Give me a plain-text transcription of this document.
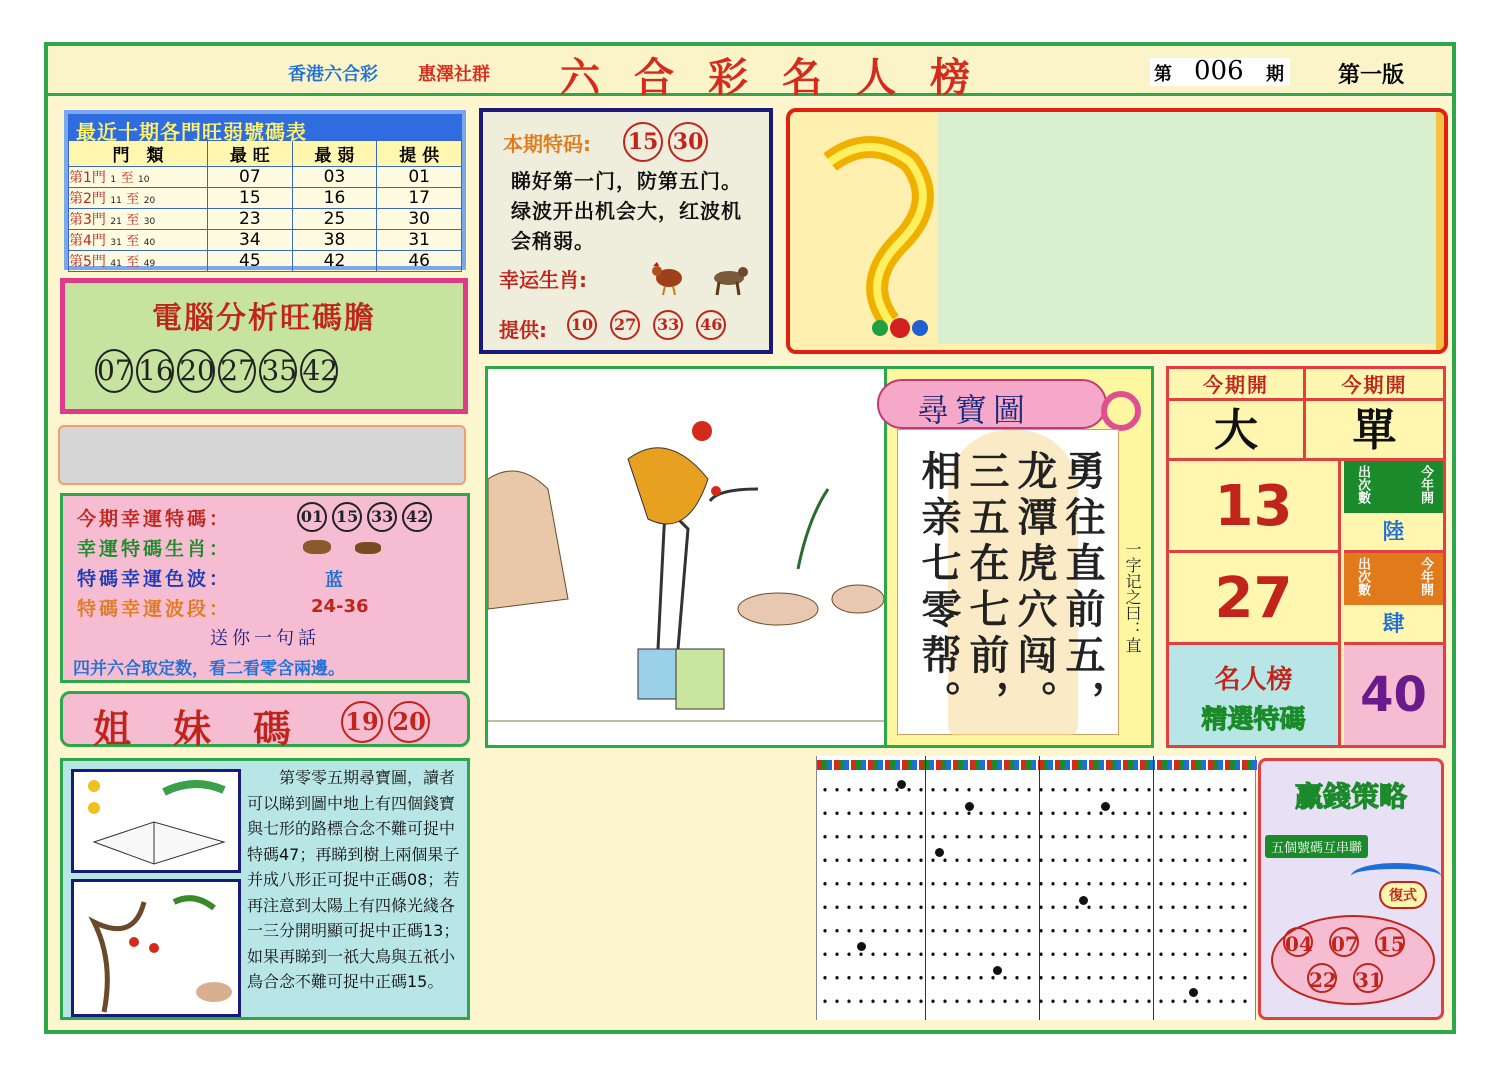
香港六合彩 惠澤社群 六合彩名人榜	第 006 期 第一版
最近十期各門旺弱號碼表
門　類	最 旺	最 弱	提 供
第1門 1 至 10	07	03	01
第2門 11 至 20	15	16	17
第3門 21 至 30	23	25	30
第4門 31 至 40	34	38	31
第5門 41 至 49	45	42	46
電腦分析旺碼膽
07 16 20 27 35 42
今期幸運特碼：	01 15 33 42
幸運特碼生肖：
特碼幸運色波：	蓝
特碼幸運波段：	24-36
送你一句話
四并六合取定数，看二看零含兩邊。
姐妹碼 19 20
本期特码: 15 30
睇好第一门，防第五门。绿波开出机会大，红波机会稍弱。
幸运生肖:
提供: 10 27 33 46
尋寶圖
勇往直前五，
龙潭虎穴闯。
三五在七前，
相亲七零帮。	一字记之曰：直
今期開	今期開
大	單
13	出次數	今年開
陸
27	出次數	今年開
肆
名人榜
精選特碼	40
第零零五期尋寶圖，讀者可以睇到圖中地上有四個錢寶與七形的路標合念不難可捉中特碼47；再睇到樹上兩個果子并成八形正可捉中正碼08；若再注意到太陽上有四條光綫各一三分開明顯可捉中正碼13；如果再睇到一祇大鳥與五祇小鳥合念不難可捉中正碼15。
贏錢策略
五個號碼互串聯
復式
04 07 15
22 31
